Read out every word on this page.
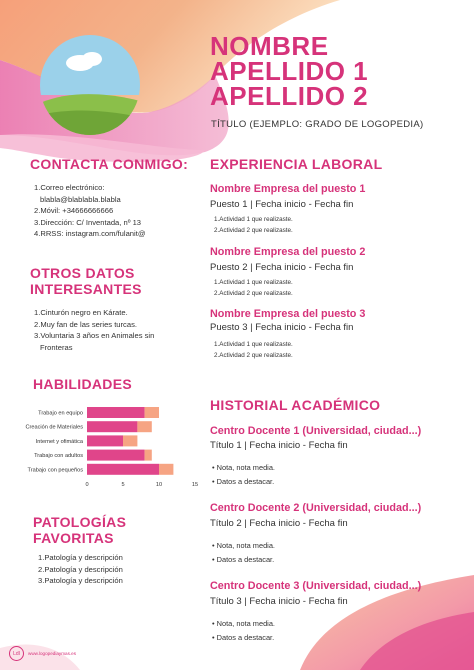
NOMBRE
APELLIDO 1
APELLIDO 2
TÍTULO (EJEMPLO: GRADO DE LOGOPEDIA)
CONTACTA CONMIGO:
1.Correo electrónico:
blabla@blablabla.blabla
2.Móvil: +34666666666
3.Dirección: C/ Inventada, nº 13
4.RRSS: instagram.com/fulanit@
OTROS DATOS
INTERESANTES
1.Cinturón negro en Kárate.
2.Muy fan de las series turcas.
3.Voluntaria 3 años en Animales sin
Fronteras
HABILIDADES
Trabajo en equipo
Creación de Materiales
Internet y ofimática
Trabajo con adultos
Trabajo con pequeños
0	5	10	15
PATOLOGÍAS
FAVORITAS
1.Patología y descripción
2.Patología y descripción
3.Patología y descripción
EXPERIENCIA LABORAL
Nombre Empresa del puesto 1
Puesto 1 | Fecha inicio - Fecha fin
1.Actividad 1 que realizaste.
2.Actividad 2 que realizaste.
Nombre Empresa del puesto 2
Puesto 2 | Fecha inicio - Fecha fin
1.Actividad 1 que realizaste.
2.Actividad 2 que realizaste.
Nombre Empresa del puesto 3
Puesto 3 | Fecha inicio - Fecha fin
1.Actividad 1 que realizaste.
2.Actividad 2 que realizaste.
HISTORIAL ACADÉMICO
Centro Docente 1 (Universidad, ciudad...)
Título 1 | Fecha inicio - Fecha fin
• Nota, nota media.
• Datos a destacar.
Centro Docente 2 (Universidad, ciudad...)
Título 2 | Fecha inicio - Fecha fin
• Nota, nota media.
• Datos a destacar.
Centro Docente 3 (Universidad, ciudad...)
Título 3 | Fecha inicio - Fecha fin
• Nota, nota media.
• Datos a destacar.
Ldl	www.logopediaymas.es
